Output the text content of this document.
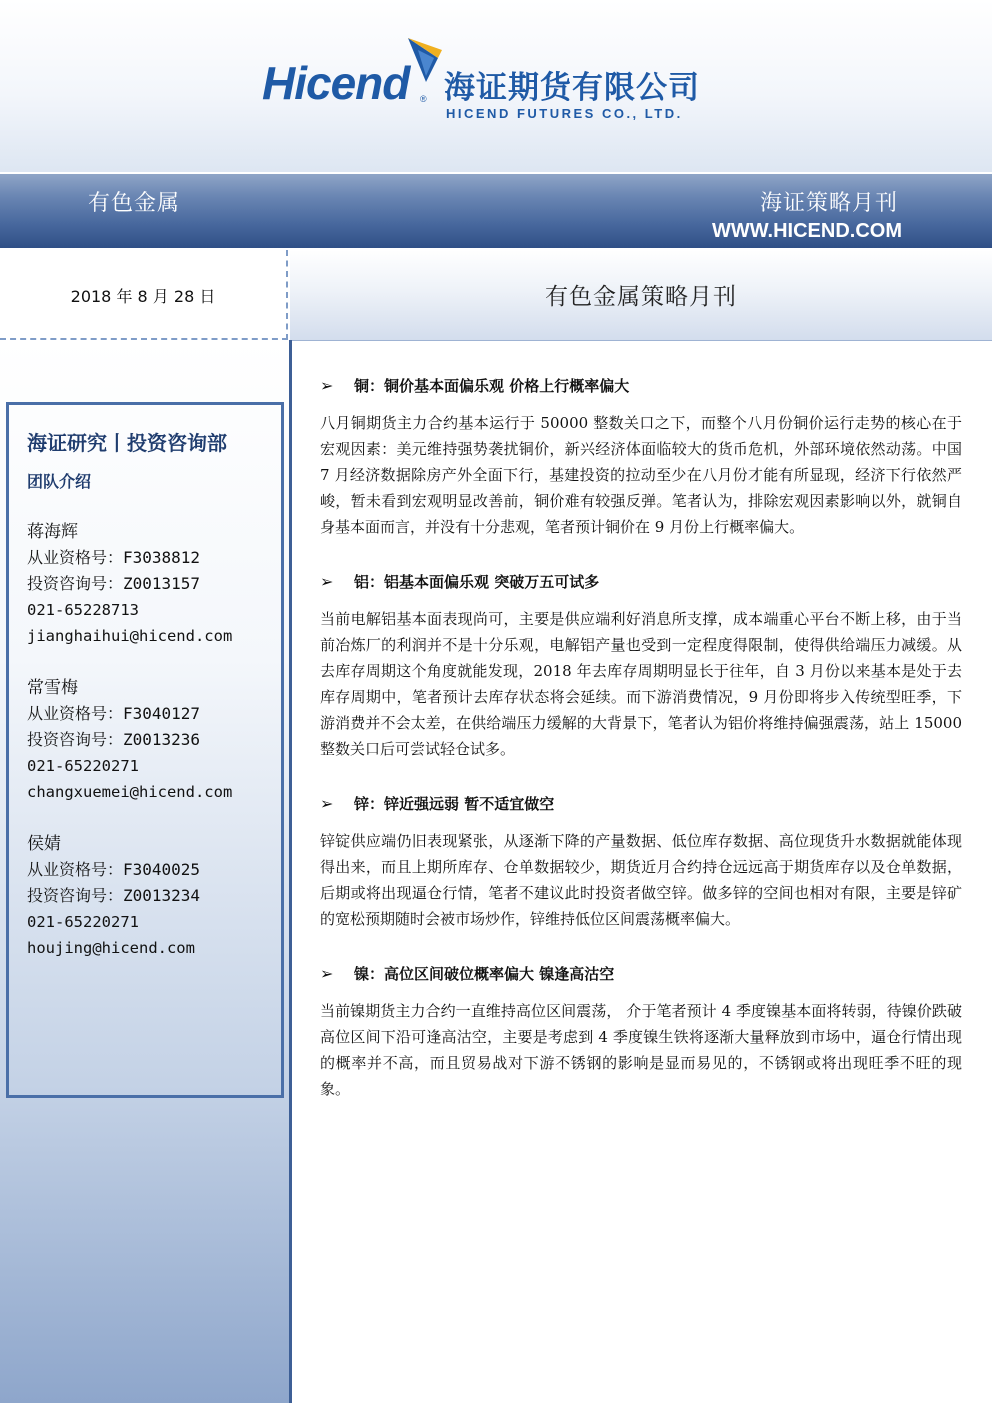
Hicend ® 海证期货有限公司
HICEND FUTURES CO., LTD.
有色金属	海证策略月刊
WWW.HICEND.COM
2018 年 8 月 28 日	有色金属策略月刊
海证研究丨投资咨询部
团队介绍
蒋海辉
从业资格号：F3038812
投资咨询号：Z0013157
021-65228713
jianghaihui@hicend.com
常雪梅
从业资格号：F3040127
投资咨询号：Z0013236
021-65220271
changxuemei@hicend.com
侯婧
从业资格号：F3040025
投资咨询号：Z0013234
021-65220271
houjing@hicend.com
➢ 铜：铜价基本面偏乐观 价格上行概率偏大

八月铜期货主力合约基本运行于 50000 整数关口之下，而整个八月份铜价运行走势的核心在于宏观因素：美元维持强势袭扰铜价，新兴经济体面临较大的货币危机，外部环境依然动荡。中国 7 月经济数据除房产外全面下行，基建投资的拉动至少在八月份才能有所显现，经济下行依然严峻，暂未看到宏观明显改善前，铜价难有较强反弹。笔者认为，排除宏观因素影响以外，就铜自身基本面而言，并没有十分悲观，笔者预计铜价在 9 月份上行概率偏大。

➢ 铝：铝基本面偏乐观 突破万五可试多

当前电解铝基本面表现尚可，主要是供应端利好消息所支撑，成本端重心平台不断上移，由于当前冶炼厂的利润并不是十分乐观，电解铝产量也受到一定程度得限制，使得供给端压力减缓。从去库存周期这个角度就能发现，2018 年去库存周期明显长于往年，自 3 月份以来基本是处于去库存周期中，笔者预计去库存状态将会延续。而下游消费情况，9 月份即将步入传统型旺季，下游消费并不会太差，在供给端压力缓解的大背景下，笔者认为铝价将维持偏强震荡，站上 15000 整数关口后可尝试轻仓试多。

➢ 锌：锌近强远弱 暂不适宜做空

锌锭供应端仍旧表现紧张，从逐渐下降的产量数据、低位库存数据、高位现货升水数据就能体现得出来，而且上期所库存、仓单数据较少，期货近月合约持仓远远高于期货库存以及仓单数据，后期或将出现逼仓行情，笔者不建议此时投资者做空锌。做多锌的空间也相对有限，主要是锌矿的宽松预期随时会被市场炒作，锌维持低位区间震荡概率偏大。

➢ 镍：高位区间破位概率偏大 镍逢高沽空

当前镍期货主力合约一直维持高位区间震荡， 介于笔者预计 4 季度镍基本面将转弱，待镍价跌破高位区间下沿可逢高沽空，主要是考虑到 4 季度镍生铁将逐渐大量释放到市场中，逼仓行情出现的概率并不高，而且贸易战对下游不锈钢的影响是显而易见的，不锈钢或将出现旺季不旺的现象。
